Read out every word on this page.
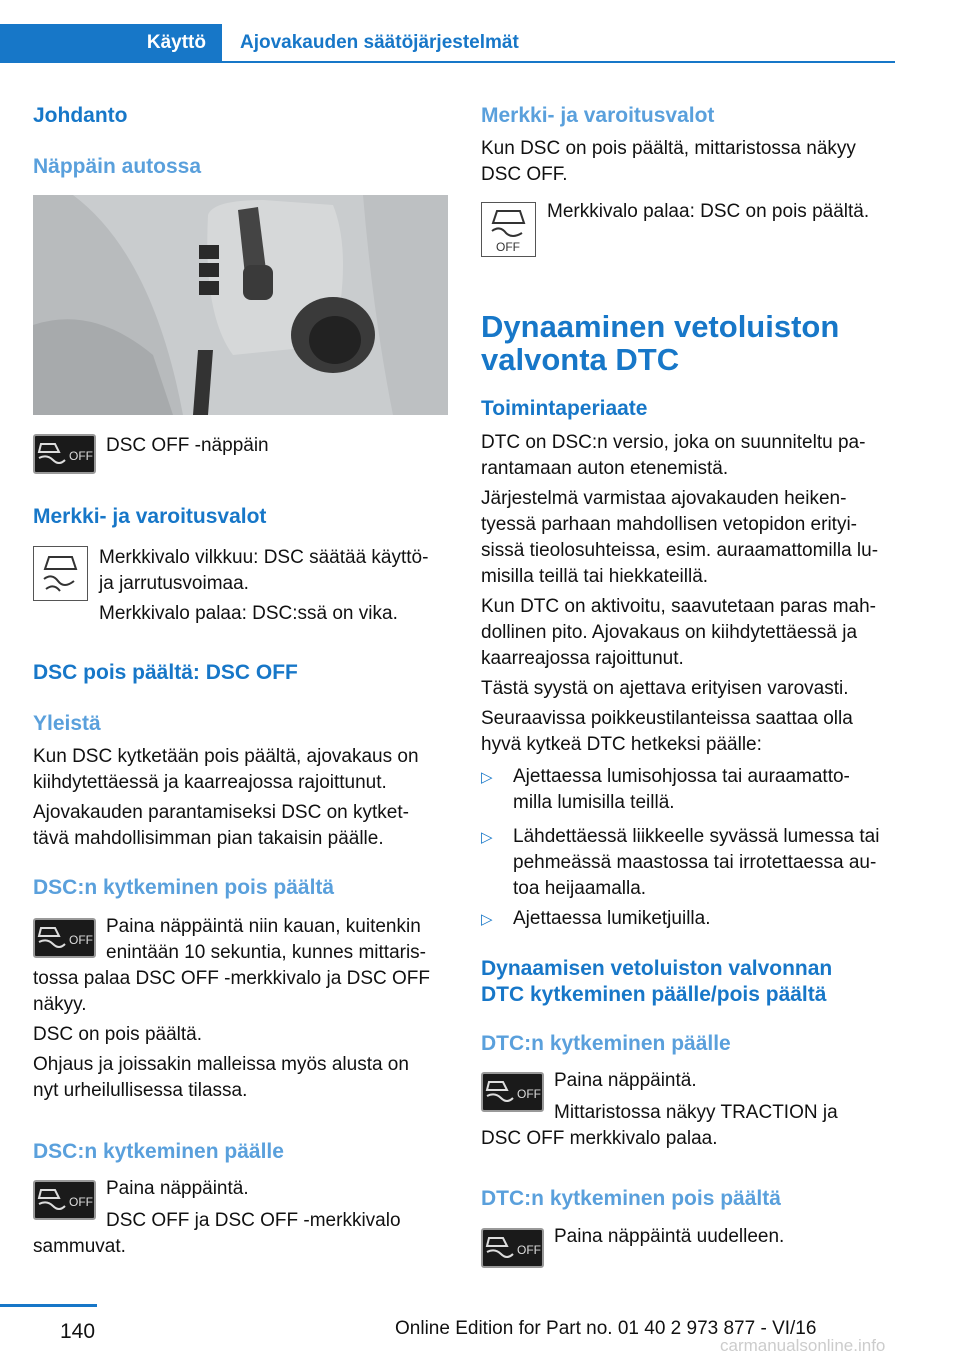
Käyttö	Ajovakauden säätöjärjestelmät
Johdanto
Näppäin autossa
OFF DSC OFF -näppäin
Merkki- ja varoitusvalot
Merkkivalo vilkkuu: DSC säätää käyttö-
ja jarrutusvoimaa.
Merkkivalo palaa: DSC:ssä on vika.
DSC pois päältä: DSC OFF
Yleistä
Kun DSC kytketään pois päältä, ajovakaus on
kiihdytettäessä ja kaarreajossa rajoittunut.
Ajovakauden parantamiseksi DSC on kytket-
tävä mahdollisimman pian takaisin päälle.
DSC:n kytkeminen pois päältä
OFF
Paina näppäintä niin kauan, kuitenkin
enintään 10 sekuntia, kunnes mittaris-
tossa palaa DSC OFF -merkkivalo ja DSC OFF
näkyy.
DSC on pois päältä.
Ohjaus ja joissakin malleissa myös alusta on
nyt urheilullisessa tilassa.
DSC:n kytkeminen päälle
OFF
Paina näppäintä.
DSC OFF ja DSC OFF -merkkivalo
sammuvat.
Merkki- ja varoitusvalot
Kun DSC on pois päältä, mittaristossa näkyy
DSC OFF.
OFF
Merkkivalo palaa: DSC on pois päältä.
Dynaaminen vetoluiston
valvonta DTC
Toimintaperiaate
DTC on DSC:n versio, joka on suunniteltu pa-
rantamaan auton etenemistä.
Järjestelmä varmistaa ajovakauden heiken-
tyessä parhaan mahdollisen vetopidon erityi-
sissä tieolosuhteissa, esim. auraamattomilla lu-
misilla teillä tai hiekkateillä.
Kun DTC on aktivoitu, saavutetaan paras mah-
dollinen pito. Ajovakaus on kiihdytettäessä ja
kaarreajossa rajoittunut.
Tästä syystä on ajettava erityisen varovasti.
Seuraavissa poikkeustilanteissa saattaa olla
hyvä kytkeä DTC hetkeksi päälle:
▷ Ajettaessa lumisohjossa tai auraamatto-
milla lumisilla teillä.
▷ Lähdettäessä liikkeelle syvässä lumessa tai
pehmeässä maastossa tai irrotettaessa au-
toa heijaamalla.
▷ Ajettaessa lumiketjuilla.
Dynaamisen vetoluiston valvonnan
DTC kytkeminen päälle/pois päältä
DTC:n kytkeminen päälle
OFF
Paina näppäintä.
Mittaristossa näkyy TRACTION ja
DSC OFF merkkivalo palaa.
DTC:n kytkeminen pois päältä
OFF
Paina näppäintä uudelleen.
140	Online Edition for Part no. 01 40 2 973 877 - VI/16
carmanualsonline.info
